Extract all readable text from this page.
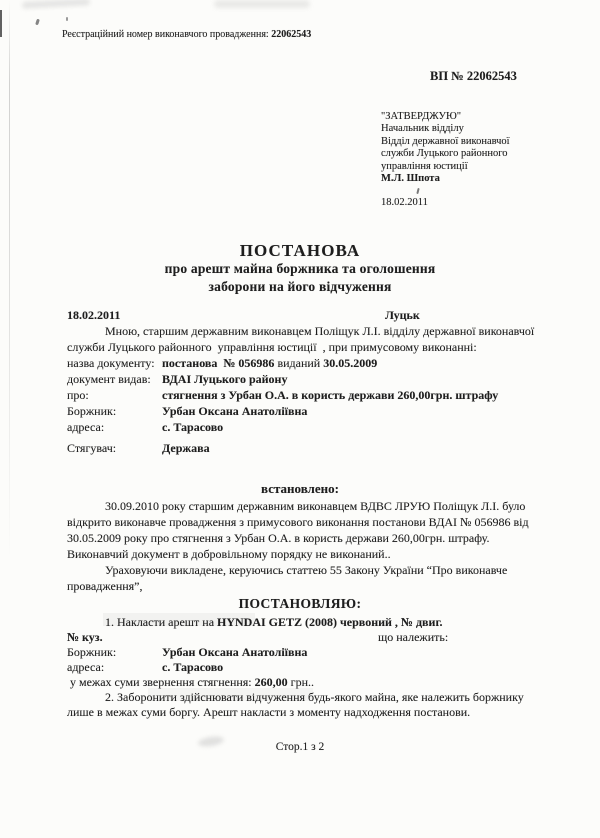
Реєстраційний номер виконавчого провадження: 22062543
ВП № 22062543
"ЗАТВЕРДЖУЮ"
Начальник відділу
Відділ державної виконавчої
служби Луцького районного
управління юстиції
М.Л. Шпота
18.02.2011
ПОСТАНОВА
про арешт майна боржника та оголошення
заборони на його відчуження
18.02.2011	Луцьк
Мною, старшим державним виконавцем Поліщук Л.І. відділу державної виконавчої
служби Луцького районного  управління юстиції  , при примусовому виконанні:
назва документу: постанова  № 056986 виданий 30.05.2009
документ видав: ВДАІ Луцького району
про:	стягнення з Урбан О.А. в користь держави 260,00грн. штрафу
Боржник:	Урбан Оксана Анатоліївна
адреса:	с. Тарасово
Стягувач:	Держава
встановлено:
30.09.2010 року старшим державним виконавцем ВДВС ЛРУЮ Поліщук Л.І. було
відкрито виконавче провадження з примусового виконання постанови ВДАІ № 056986 від
30.05.2009 року про стягнення з Урбан О.А. в користь держави 260,00грн. штрафу.
Виконавчий документ в добровільному порядку не виконаний..
Ураховуючи викладене, керуючись статтею 55 Закону України “Про виконавче
провадження”,
ПОСТАНОВЛЯЮ:
1. Накласти арешт на HYNDAI GETZ (2008) червоний , № двиг.
№ куз.	що належить:
Боржник:	Урбан Оксана Анатоліївна
адреса:	с. Тарасово
у межах суми звернення стягнення: 260,00 грн..
2. Заборонити здійснювати відчуження будь-якого майна, яке належить боржнику
лише в межах суми боргу. Арешт накласти з моменту надходження постанови.
Стор.1 з 2
